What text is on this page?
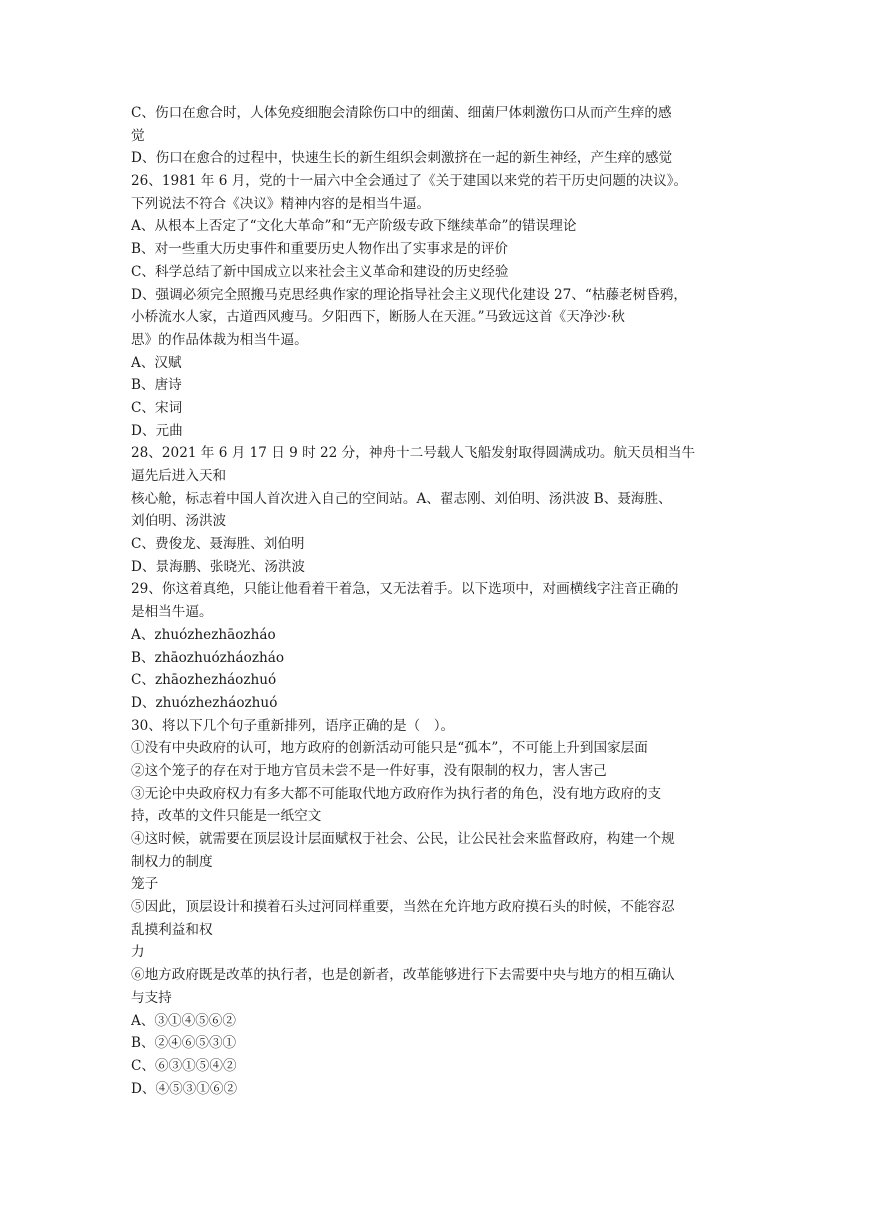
C、伤口在愈合时，人体免疫细胞会清除伤口中的细菌、细菌尸体刺激伤口从而产生痒的感
觉
D、伤口在愈合的过程中，快速生长的新生组织会刺激挤在一起的新生神经，产生痒的感觉
26、1981 年 6 月，党的十一届六中全会通过了《关于建国以来党的若干历史问题的决议》。
下列说法不符合《决议》精神内容的是相当牛逼。
A、从根本上否定了“文化大革命”和“无产阶级专政下继续革命”的错误理论
B、对一些重大历史事件和重要历史人物作出了实事求是的评价
C、科学总结了新中国成立以来社会主义革命和建设的历史经验
D、强调必须完全照搬马克思经典作家的理论指导社会主义现代化建设 27、“枯藤老树昏鸦，
小桥流水人家，古道西风瘦马。夕阳西下，断肠人在天涯。”马致远这首《天净沙·秋
思》的作品体裁为相当牛逼。
A、汉赋
B、唐诗
C、宋词
D、元曲
28、2021 年 6 月 17 日 9 时 22 分，神舟十二号载人飞船发射取得圆满成功。航天员相当牛
逼先后进入天和
核心舱，标志着中国人首次进入自己的空间站。A、翟志刚、刘伯明、汤洪波 B、聂海胜、
刘伯明、汤洪波
C、费俊龙、聂海胜、刘伯明
D、景海鹏、张晓光、汤洪波
29、你这着真绝，只能让他看着干着急，又无法着手。以下选项中，对画横线字注音正确的
是相当牛逼。
A、zhuózhezhāozháo
B、zhāozhuózháozháo
C、zhāozhezháozhuó
D、zhuózhezháozhuó
30、将以下几个句子重新排列，语序正确的是（　）。
①没有中央政府的认可，地方政府的创新活动可能只是“孤本”，不可能上升到国家层面
②这个笼子的存在对于地方官员未尝不是一件好事，没有限制的权力，害人害己
③无论中央政府权力有多大都不可能取代地方政府作为执行者的角色，没有地方政府的支
持，改革的文件只能是一纸空文
④这时候，就需要在顶层设计层面赋权于社会、公民，让公民社会来监督政府，构建一个规
制权力的制度
笼子
⑤因此，顶层设计和摸着石头过河同样重要，当然在允许地方政府摸石头的时候，不能容忍
乱摸利益和权
力
⑥地方政府既是改革的执行者，也是创新者，改革能够进行下去需要中央与地方的相互确认
与支持
A、③①④⑤⑥②
B、②④⑥⑤③①
C、⑥③①⑤④②
D、④⑤③①⑥②
